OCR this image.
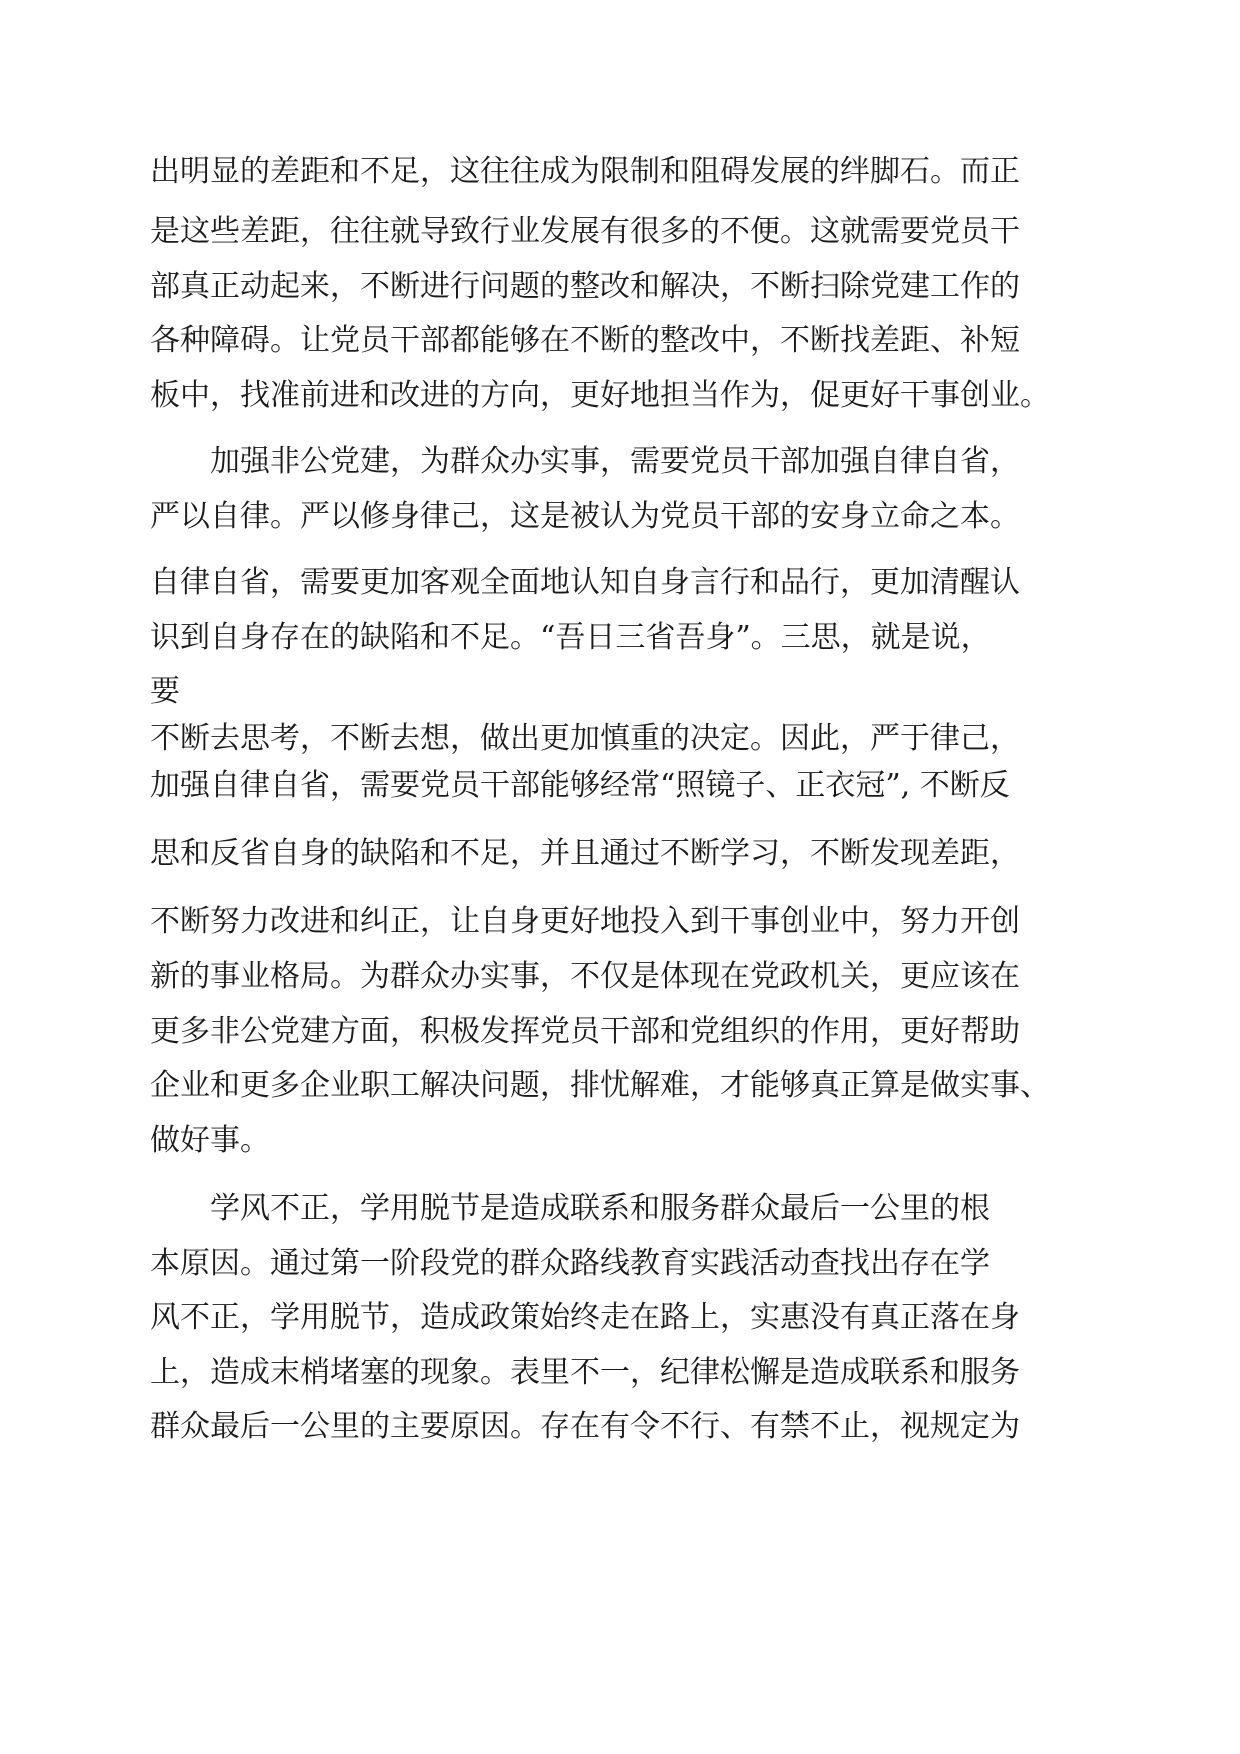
出明显的差距和不足，这往往成为限制和阻碍发展的绊脚石。而正
是这些差距，往往就导致行业发展有很多的不便。这就需要党员干
部真正动起来，不断进行问题的整改和解决，不断扫除党建工作的
各种障碍。让党员干部都能够在不断的整改中，不断找差距、补短
板中，找准前进和改进的方向，更好地担当作为，促更好干事创业。
加强非公党建，为群众办实事，需要党员干部加强自律自省，
严以自律。严以修身律己，这是被认为党员干部的安身立命之本。
自律自省，需要更加客观全面地认知自身言行和品行，更加清醒认
识到自身存在的缺陷和不足。“吾日三省吾身”。三思，就是说，
要
不断去思考，不断去想，做出更加慎重的决定。因此，严于律己，
加强自律自省，需要党员干部能够经常“照镜子、正衣冠”, 不断反
思和反省自身的缺陷和不足，并且通过不断学习，不断发现差距，
不断努力改进和纠正，让自身更好地投入到干事创业中，努力开创
新的事业格局。为群众办实事，不仅是体现在党政机关，更应该在
更多非公党建方面，积极发挥党员干部和党组织的作用，更好帮助
企业和更多企业职工解决问题，排忧解难，才能够真正算是做实事、
做好事。
学风不正，学用脱节是造成联系和服务群众最后一公里的根
本原因。通过第一阶段党的群众路线教育实践活动查找出存在学
风不正，学用脱节，造成政策始终走在路上，实惠没有真正落在身
上，造成末梢堵塞的现象。表里不一，纪律松懈是造成联系和服务
群众最后一公里的主要原因。存在有令不行、有禁不止，视规定为
